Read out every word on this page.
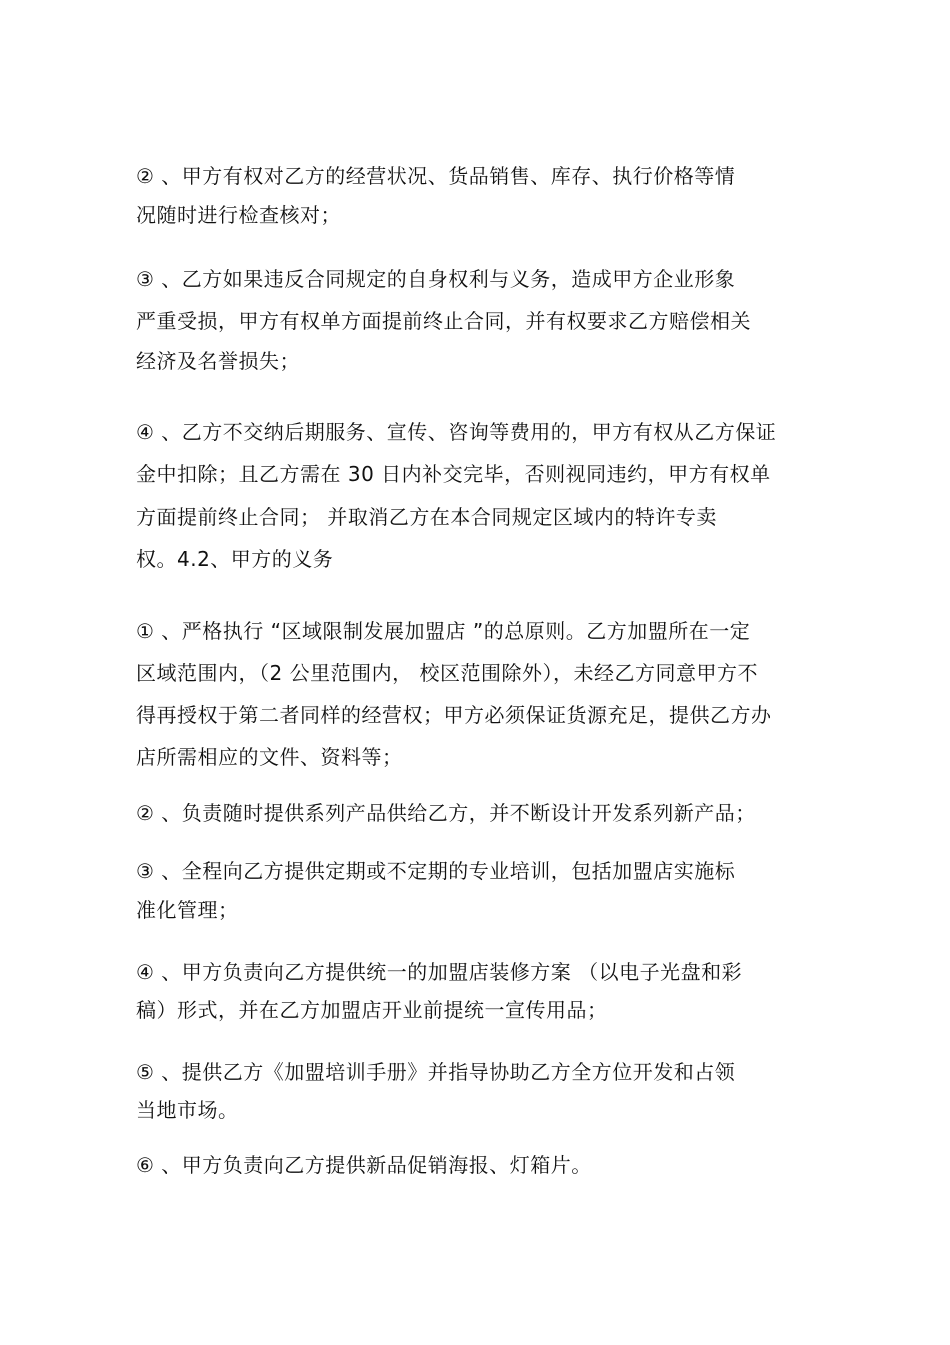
② 、甲方有权对乙方的经营状况、货品销售、库存、执行价格等情
况随时进行检查核对；
③ 、乙方如果违反合同规定的自身权利与义务，造成甲方企业形象
严重受损，甲方有权单方面提前终止合同，并有权要求乙方赔偿相关
经济及名誉损失；
④ 、乙方不交纳后期服务、宣传、咨询等费用的，甲方有权从乙方保证
金中扣除；且乙方需在 30 日内补交完毕，否则视同违约，甲方有权单
方面提前终止合同； 并取消乙方在本合同规定区域内的特许专卖
权。4.2、甲方的义务
① 、严格执行 “区域限制发展加盟店 ”的总原则。乙方加盟所在一定
区域范围内，（2 公里范围内， 校区范围除外），未经乙方同意甲方不
得再授权于第二者同样的经营权；甲方必须保证货源充足，提供乙方办
店所需相应的文件、资料等；
② 、负责随时提供系列产品供给乙方，并不断设计开发系列新产品；
③ 、全程向乙方提供定期或不定期的专业培训，包括加盟店实施标
准化管理；
④ 、甲方负责向乙方提供统一的加盟店装修方案 （以电子光盘和彩
稿）形式，并在乙方加盟店开业前提统一宣传用品；
⑤ 、提供乙方《加盟培训手册》并指导协助乙方全方位开发和占领
当地市场。
⑥ 、甲方负责向乙方提供新品促销海报、灯箱片。
